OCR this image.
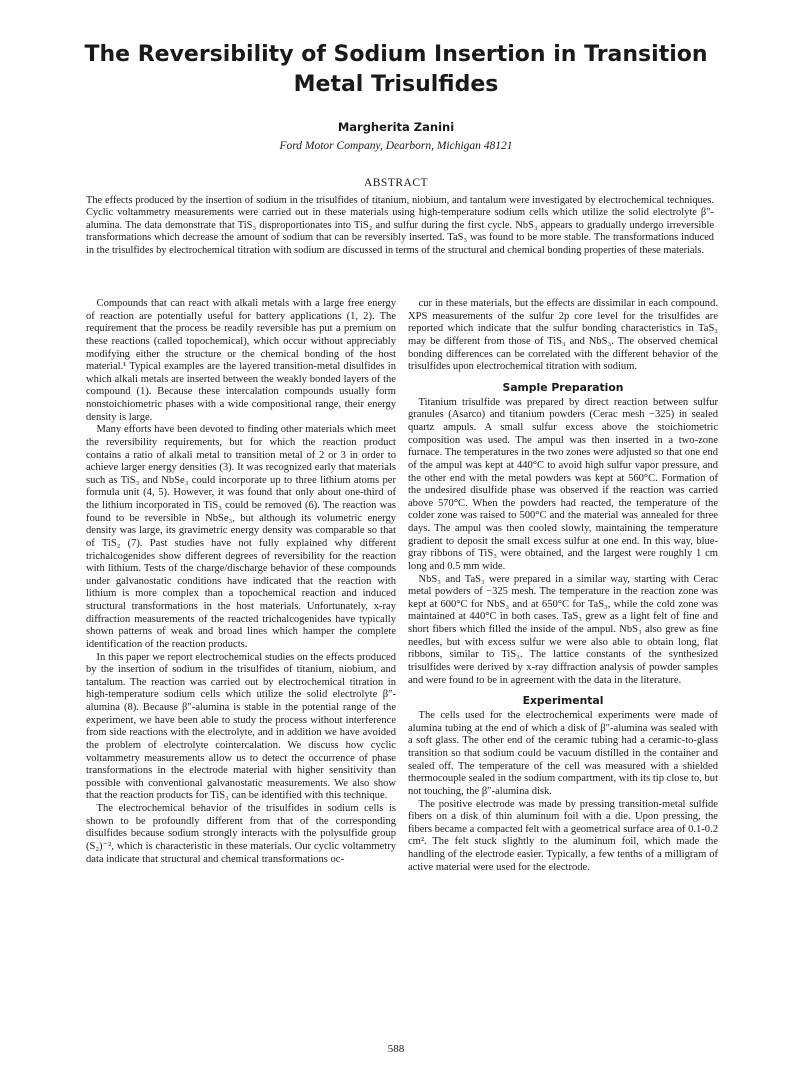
The Reversibility of Sodium Insertion in Transition Metal Trisulfides
Margherita Zanini
Ford Motor Company, Dearborn, Michigan 48121
ABSTRACT

The effects produced by the insertion of sodium in the trisulfides of titanium, niobium, and tantalum were investigated by electrochemical techniques. Cyclic voltammetry measurements were carried out in these materials using high-temperature sodium cells which utilize the solid electrolyte β″-alumina. The data demonstrate that TiS₃ disproportionates into TiS₂ and sulfur during the first cycle. NbS₃ appears to gradually undergo irreversible transformations which decrease the amount of sodium that can be reversibly inserted. TaS₃ was found to be more stable. The transformations induced in the trisulfides by electrochemical titration with sodium are discussed in terms of the structural and chemical bonding properties of these materials.

Compounds that can react with alkali metals with a large free energy of reaction are potentially useful for battery applications (1, 2). The requirement that the process be readily reversible has put a premium on these reactions (called topochemical), which occur without appreciably modifying either the structure or the chemical bonding of the host material.¹ Typical examples are the layered transition-metal disulfides in which alkali metals are inserted between the weakly bonded layers of the compound (1). Because these intercalation compounds usually form nonstoichiometric phases with a wide compositional range, their energy density is large.

Many efforts have been devoted to finding other materials which meet the reversibility requirements, but for which the reaction product contains a ratio of alkali metal to transition metal of 2 or 3 in order to achieve larger energy densities (3). It was recognized early that materials such as TiS₃ and NbSe₃ could incorporate up to three lithium atoms per formula unit (4, 5). However, it was found that only about one-third of the lithium incorporated in TiS₃ could be removed (6). The reaction was found to be reversible in NbSe₃, but although its volumetric energy density was large, its gravimetric energy density was comparable so that of TiS₂ (7). Past studies have not fully explained why different trichalcogenides show different degrees of reversibility for the reaction with lithium. Tests of the charge/discharge behavior of these compounds under galvanostatic conditions have indicated that the reaction with lithium is more complex than a topochemical reaction and induced structural transformations in the host materials. Unfortunately, x-ray diffraction measurements of the reacted trichalcogenides have typically shown patterns of weak and broad lines which hamper the complete identification of the reaction products.

In this paper we report electrochemical studies on the effects produced by the insertion of sodium in the trisulfides of titanium, niobium, and tantalum. The reaction was carried out by electrochemical titration in high-temperature sodium cells which utilize the solid electrolyte β″-alumina (8). Because β″-alumina is stable in the potential range of the experiment, we have been able to study the process without interference from side reactions with the electrolyte, and in addition we have avoided the problem of electrolyte cointercalation. We discuss how cyclic voltammetry measurements allow us to detect the occurrence of phase transformations in the electrode material with higher sensitivity than possible with conventional galvanostatic measurements. We also show that the reaction products for TiS₃ can be identified with this technique.

The electrochemical behavior of the trisulfides in sodium cells is shown to be profoundly different from that of the corresponding disulfides because sodium strongly interacts with the polysulfide group (S₂)⁻², which is characteristic in these materials. Our cyclic voltammetry data indicate that structural and chemical transformations oc-

cur in these materials, but the effects are dissimilar in each compound. XPS measurements of the sulfur 2p core level for the trisulfides are reported which indicate that the sulfur bonding characteristics in TaS₃ may be different from those of TiS₃ and NbS₃. The observed chemical bonding differences can be correlated with the different behavior of the trisulfides upon electrochemical titration with sodium.

Sample Preparation

Titanium trisulfide was prepared by direct reaction between sulfur granules (Asarco) and titanium powders (Cerac mesh −325) in sealed quartz ampuls. A small sulfur excess above the stoichiometric composition was used. The ampul was then inserted in a two-zone furnace. The temperatures in the two zones were adjusted so that one end of the ampul was kept at 440°C to avoid high sulfur vapor pressure, and the other end with the metal powders was kept at 560°C. Formation of the undesired disulfide phase was observed if the reaction was carried above 570°C. When the powders had reacted, the temperature of the colder zone was raised to 500°C and the material was annealed for three days. The ampul was then cooled slowly, maintaining the temperature gradient to deposit the small excess sulfur at one end. In this way, blue-gray ribbons of TiS₃ were obtained, and the largest were roughly 1 cm long and 0.5 mm wide.

NbS₃ and TaS₃ were prepared in a similar way, starting with Cerac metal powders of −325 mesh. The temperature in the reaction zone was kept at 600°C for NbS₃ and at 650°C for TaS₃, while the cold zone was maintained at 440°C in both cases. TaS₃ grew as a light felt of fine and short fibers which filled the inside of the ampul. NbS₃ also grew as fine needles, but with excess sulfur we were also able to obtain long, flat ribbons, similar to TiS₃. The lattice constants of the synthesized trisulfides were derived by x-ray diffraction analysis of powder samples and were found to be in agreement with the data in the literature.

Experimental

The cells used for the electrochemical experiments were made of alumina tubing at the end of which a disk of β″-alumina was sealed with a soft glass. The other end of the ceramic tubing had a ceramic-to-glass transition so that sodium could be vacuum distilled in the container and sealed off. The temperature of the cell was measured with a shielded thermocouple sealed in the sodium compartment, with its tip close to, but not touching, the β″-alumina disk.

The positive electrode was made by pressing transition-metal sulfide fibers on a disk of thin aluminum foil with a die. Upon pressing, the fibers became a compacted felt with a geometrical surface area of 0.1-0.2 cm². The felt stuck slightly to the aluminum foil, which made the handling of the electrode easier. Typically, a few tenths of a milligram of active material were used for the electrode.

588
